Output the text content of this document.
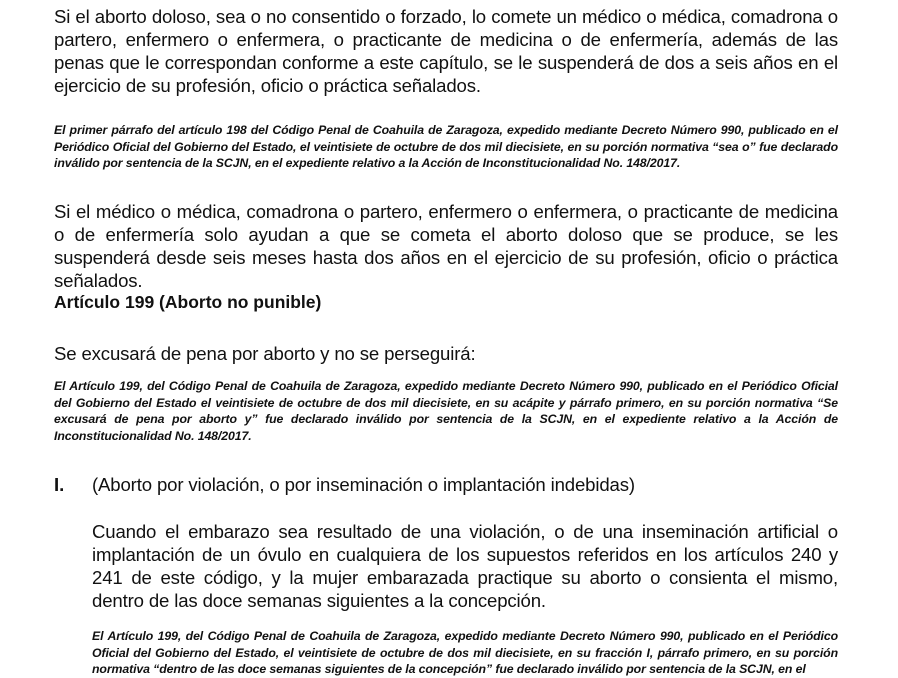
Si el aborto doloso, sea o no consentido o forzado, lo comete un médico o médica, comadrona o partero, enfermero o enfermera, o practicante de medicina o de enfermería, además de las penas que le correspondan conforme a este capítulo, se le suspenderá de dos a seis años en el ejercicio de su profesión, oficio o práctica señalados.

El primer párrafo del artículo 198 del Código Penal de Coahuila de Zaragoza, expedido mediante Decreto Número 990, publicado en el Periódico Oficial del Gobierno del Estado, el veintisiete de octubre de dos mil diecisiete, en su porción normativa “sea o” fue declarado inválido por sentencia de la SCJN, en el expediente relativo a la Acción de Inconstitucionalidad No. 148/2017.

Si el médico o médica, comadrona o partero, enfermero o enfermera, o practicante de medicina o de enfermería solo ayudan a que se cometa el aborto doloso que se produce, se les suspenderá desde seis meses hasta dos años en el ejercicio de su profesión, oficio o práctica señalados.

Artículo 199 (Aborto no punible)

Se excusará de pena por aborto y no se perseguirá:

El Artículo 199, del Código Penal de Coahuila de Zaragoza, expedido mediante Decreto Número 990, publicado en el Periódico Oficial del Gobierno del Estado el veintisiete de octubre de dos mil diecisiete, en su acápite y párrafo primero, en su porción normativa “Se excusará de pena por aborto y” fue declarado inválido por sentencia de la SCJN, en el expediente relativo a la Acción de Inconstitucionalidad No. 148/2017.

I. (Aborto por violación, o por inseminación o implantación indebidas)

Cuando el embarazo sea resultado de una violación, o de una inseminación artificial o implantación de un óvulo en cualquiera de los supuestos referidos en los artículos 240 y 241 de este código, y la mujer embarazada practique su aborto o consienta el mismo, dentro de las doce semanas siguientes a la concepción.

El Artículo 199, del Código Penal de Coahuila de Zaragoza, expedido mediante Decreto Número 990, publicado en el Periódico Oficial del Gobierno del Estado, el veintisiete de octubre de dos mil diecisiete, en su fracción I, párrafo primero, en su porción normativa “dentro de las doce semanas siguientes de la concepción” fue declarado inválido por sentencia de la SCJN, en el
